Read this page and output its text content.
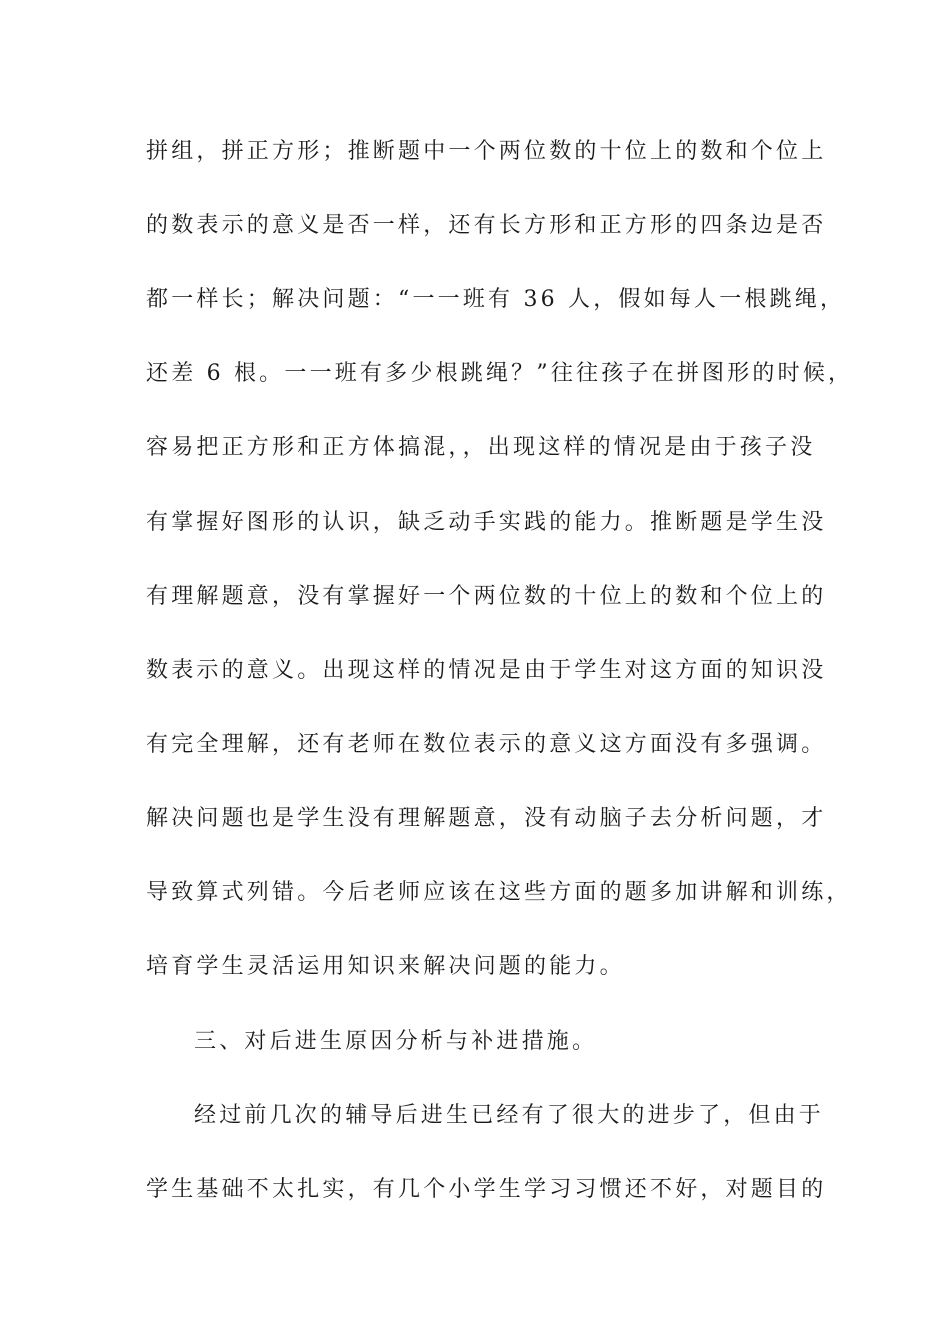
拼组，拼正方形；推断题中一个两位数的十位上的数和个位上
的数表示的意义是否一样，还有长方形和正方形的四条边是否
都一样长；解决问题：“一一班有 36 人，假如每人一根跳绳，
还差 6 根。一一班有多少根跳绳？”往往孩子在拼图形的时候，
容易把正方形和正方体搞混，，出现这样的情况是由于孩子没
有掌握好图形的认识，缺乏动手实践的能力。推断题是学生没
有理解题意，没有掌握好一个两位数的十位上的数和个位上的
数表示的意义。出现这样的情况是由于学生对这方面的知识没
有完全理解，还有老师在数位表示的意义这方面没有多强调。
解决问题也是学生没有理解题意，没有动脑子去分析问题，才
导致算式列错。今后老师应该在这些方面的题多加讲解和训练，
培育学生灵活运用知识来解决问题的能力。
三、对后进生原因分析与补进措施。
经过前几次的辅导后进生已经有了很大的进步了，但由于
学生基础不太扎实，有几个小学生学习习惯还不好，对题目的
